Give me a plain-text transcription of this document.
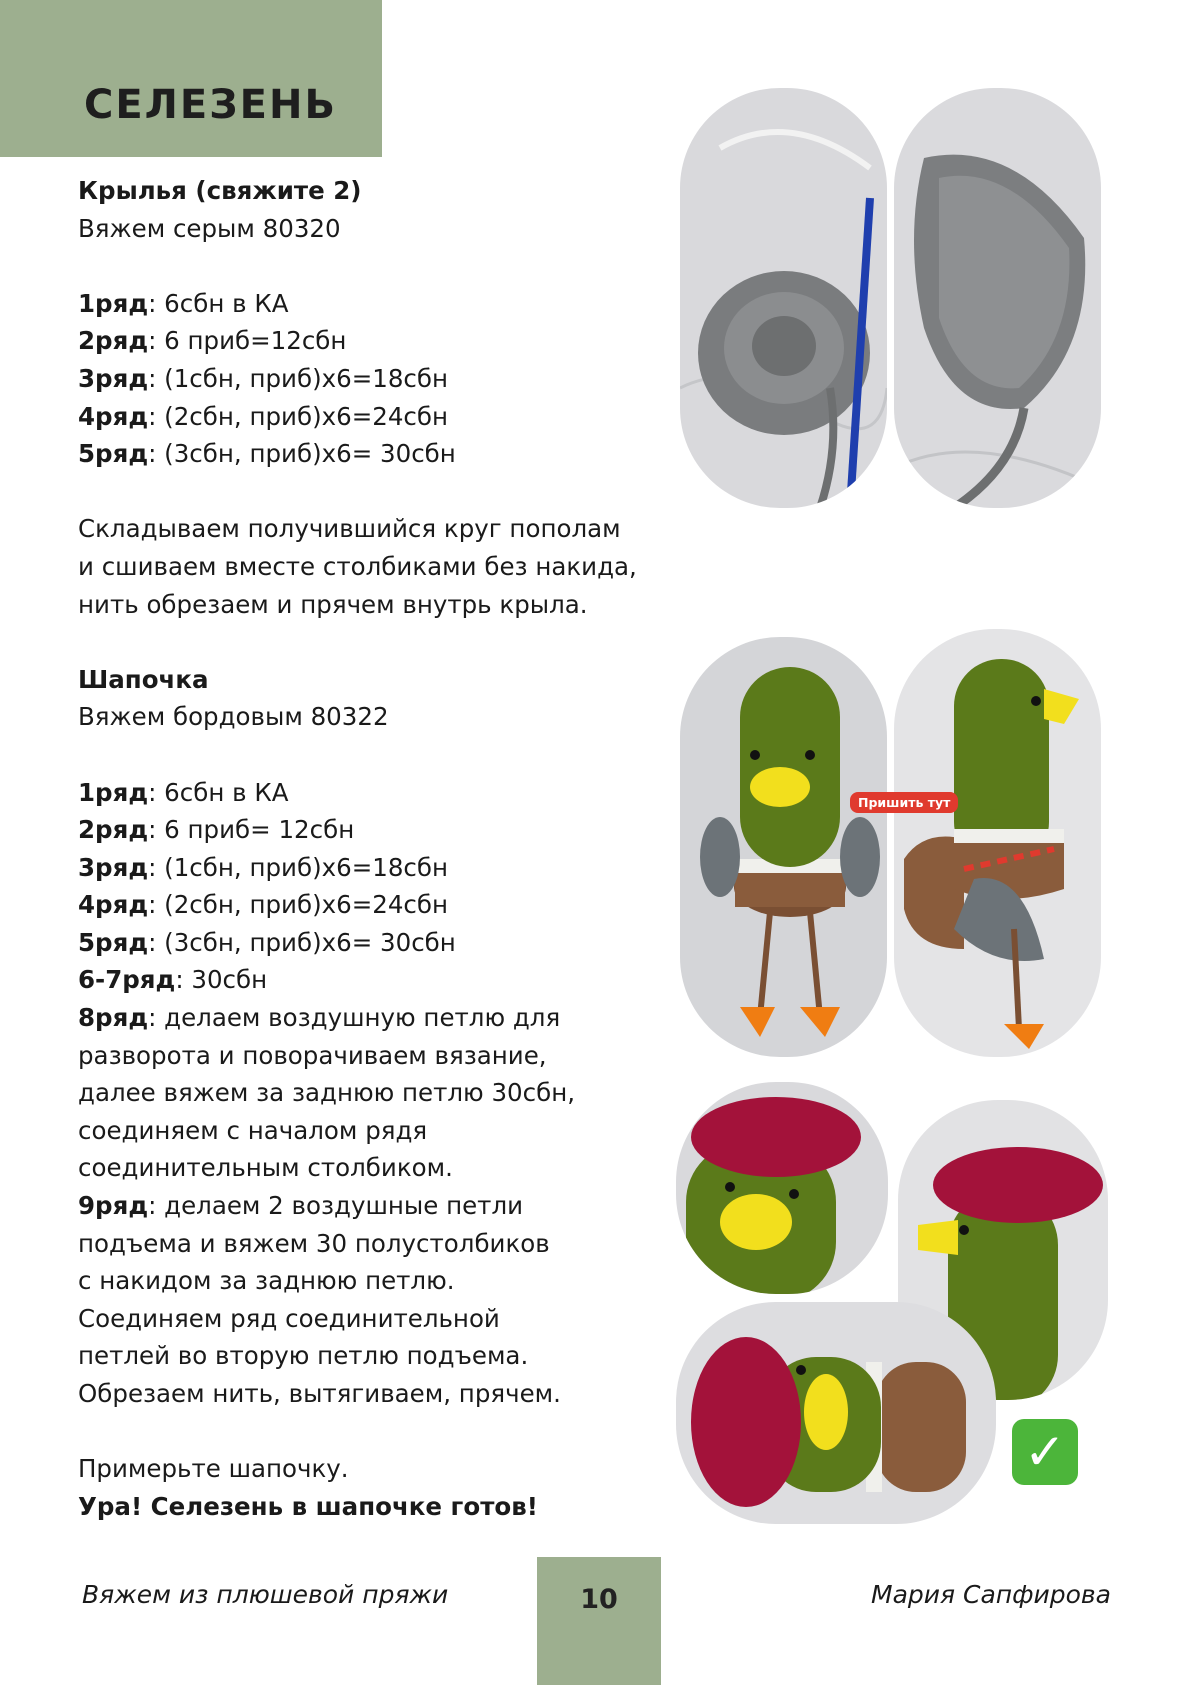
СЕЛЕЗЕНЬ
Крылья (свяжите 2)
Вяжем серым 80320
1ряд: 6сбн в КА
2ряд: 6 приб=12сбн
3ряд: (1сбн, приб)х6=18сбн
4ряд: (2сбн, приб)х6=24сбн
5ряд: (3сбн, приб)х6= 30сбн
Складываем получившийся круг пополам
и сшиваем вместе столбиками без накида,
нить обрезаем и прячем внутрь крыла.
Шапочка
Вяжем бордовым 80322
1ряд: 6сбн в КА
2ряд: 6 приб= 12сбн
3ряд: (1сбн, приб)х6=18сбн
4ряд: (2сбн, приб)х6=24сбн
5ряд: (3сбн, приб)х6= 30сбн
6-7ряд: 30сбн
8ряд: делаем воздушную петлю для
разворота и поворачиваем вязание,
далее вяжем за заднюю петлю 30сбн,
соединяем с началом рядя
соединительным столбиком.
9ряд: делаем 2 воздушные петли
подъема и вяжем 30 полустолбиков
с накидом за заднюю петлю.
Соединяем ряд соединительной
петлей во вторую петлю подъема.
Обрезаем нить, вытягиваем, прячем.
Примерьте шапочку.
Ура! Селезень в шапочке готов!
Пришить тут
✓
Вяжем из плюшевой пряжи	10	Мария Сапфирова
